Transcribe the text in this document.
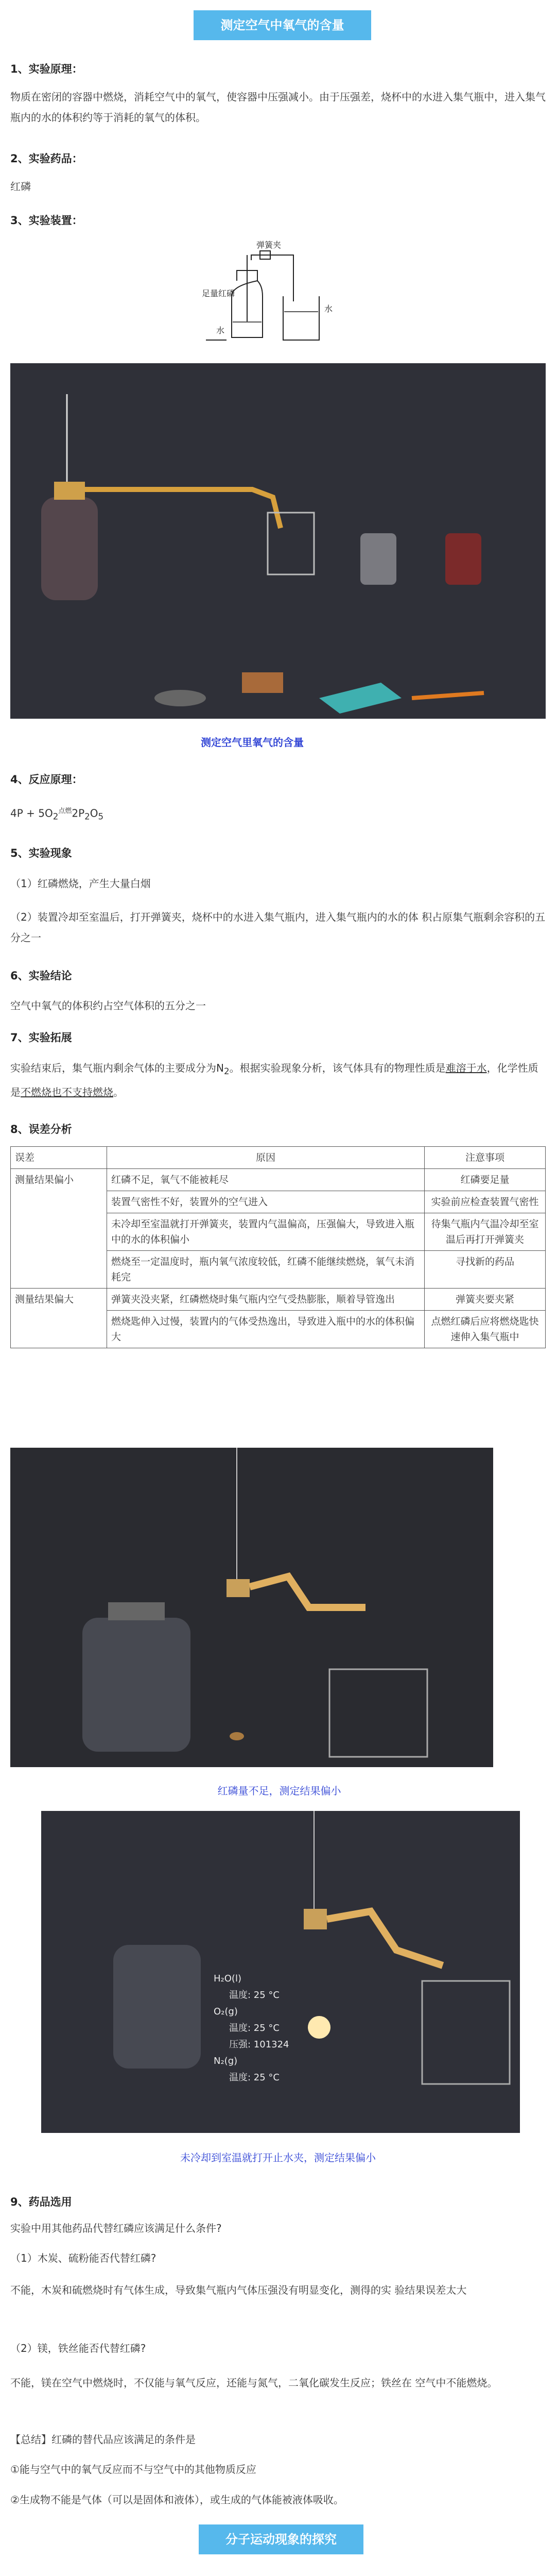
测定空气中氧气的含量
1、实验原理：
物质在密闭的容器中燃烧，消耗空气中的氧气，使容器中压强减小。由于压强差，烧杯中的水进入集气瓶中，进入集气瓶内的水的体积约等于消耗的氧气的体积。
2、实验药品：
红磷
3、实验装置：
弹簧夹
足量红磷
水
水
测定空气里氧气的含量
4、反应原理：
$4P + 5O_2^{点燃}2P_2O_5$
5、实验现象
（1）红磷燃烧，产生大量白烟
（2）装置冷却至室温后，打开弹簧夹，烧杯中的水进入集气瓶内，进入集气瓶内的水的体 积占原集气瓶剩余容积的五分之一
6、实验结论
空气中氧气的体积约占空气体积的五分之一
7、实验拓展
实验结束后，集气瓶内剩余气体的主要成分为$N_2$。根据实验现象分析，该气体具有的物理性质是难溶于水，化学性质是不燃烧也不支持燃烧。
8、误差分析
误差	原因	注意事项
测量结果偏小	红磷不足，氧气不能被耗尽	红磷要足量
	装置气密性不好，装置外的空气进入	实验前应检查装置气密性
	未冷却至室温就打开弹簧夹，装置内气温偏高，压强偏大，导致进入瓶中的水的体积偏小	待集气瓶内气温冷却至室温后再打开弹簧夹
	燃烧至一定温度时，瓶内氧气浓度较低，红磷不能继续燃烧，氧气未消耗完	寻找新的药品
测量结果偏大	弹簧夹没夹紧，红磷燃烧时集气瓶内空气受热膨胀，顺着导管逸出	弹簧夹要夹紧
	燃烧匙伸入过慢，装置内的气体受热逸出，导致进入瓶中的水的体积偏大	点燃红磷后应将燃烧匙快速伸入集气瓶中
红磷量不足，测定结果偏小
H₂O(l)
温度: 25 °C
O₂(g)
温度: 25 °C
压强: 101324
N₂(g)
温度: 25 °C
未冷却到室温就打开止水夹，测定结果偏小
9、药品选用
实验中用其他药品代替红磷应该满足什么条件?
（1）木炭、硫粉能否代替红磷?
不能，木炭和硫燃烧时有气体生成，导致集气瓶内气体压强没有明显变化，测得的实 验结果误差太大
（2）镁，铁丝能否代替红磷?
不能，镁在空气中燃烧时，不仅能与氧气反应，还能与氮气，二氧化碳发生反应；铁丝在 空气中不能燃烧。
【总结】红磷的替代品应该满足的条件是
①能与空气中的氧气反应而不与空气中的其他物质反应
②生成物不能是气体（可以是固体和液体），或生成的气体能被液体吸收。
分子运动现象的探究
